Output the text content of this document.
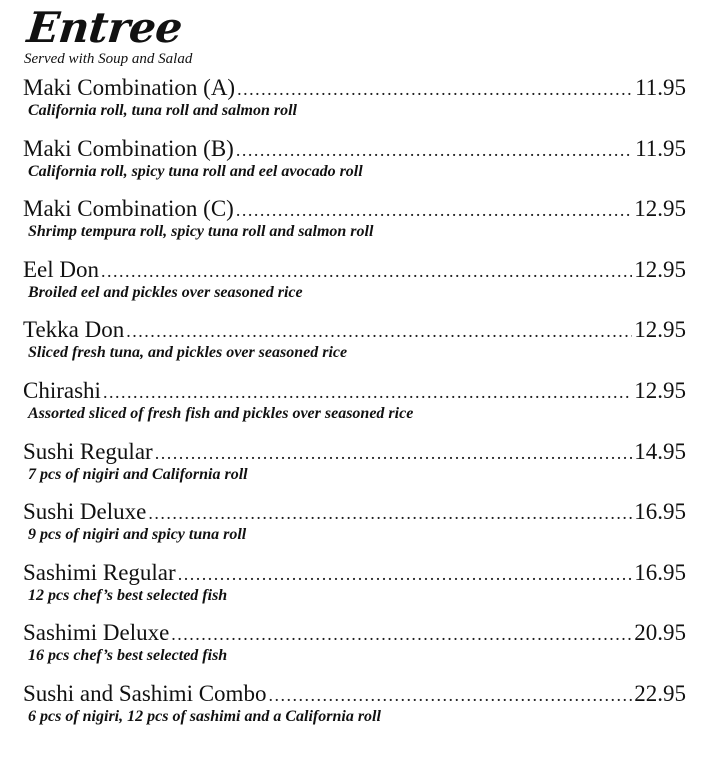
Entree
Served with Soup and Salad
Maki Combination (A) .....	11.95
California roll, tuna roll and salmon roll
Maki Combination (B) .....	11.95
California roll, spicy tuna roll and eel avocado roll
Maki Combination (C) .....	12.95
Shrimp tempura roll, spicy tuna roll and salmon roll
Eel Don .....	12.95
Broiled eel and pickles over seasoned rice
Tekka Don .....	12.95
Sliced fresh tuna, and pickles over seasoned rice
Chirashi .....	12.95
Assorted sliced of fresh fish and pickles over seasoned rice
Sushi Regular .....	14.95
7 pcs of nigiri and California roll
Sushi Deluxe .....	16.95
9 pcs of nigiri and spicy tuna roll
Sashimi Regular .....	16.95
12 pcs chef’s best selected fish
Sashimi Deluxe .....	20.95
16 pcs chef’s best selected fish
Sushi and Sashimi Combo .....	22.95
6 pcs of nigiri, 12 pcs of sashimi and a California roll
